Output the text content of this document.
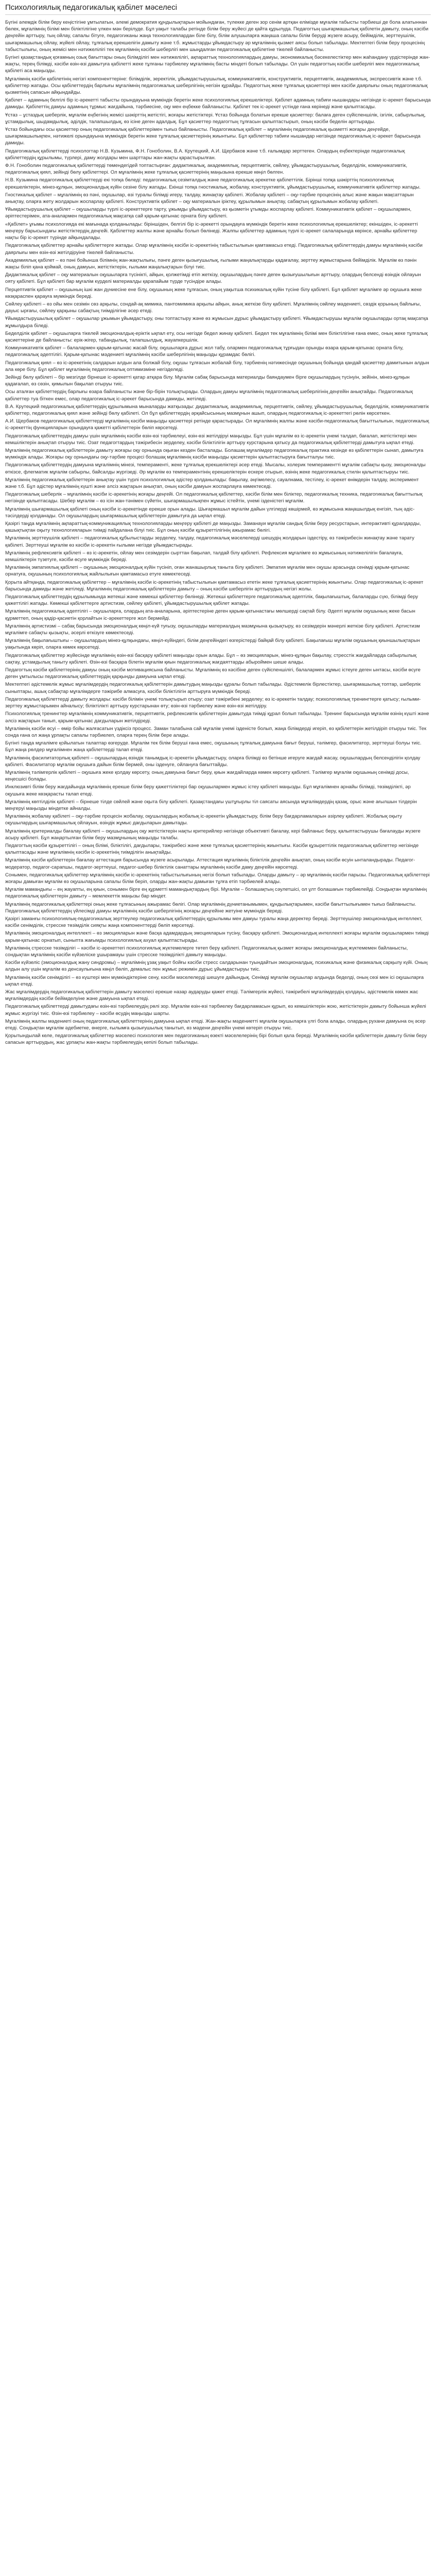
Психологиялық педагогикалық қабілет мәселесі

Бүгіні әлемдік білім беру кеңістігіне ұмтылатын, әлемі демократия құндылықтарын мойындаған, түлекке деген зор сенім артқан елімізде мұғалім табысты тәрбиеші де бола алатыннан бөлек, мұғалімнің білімі мен біліктілігіне үлкен мән берілуде. Бұл уақыт талабы ретінде білім беру жүйесі де қайта құрылуда. Педагогтың шығармашылық қабілетін дамыту, оның кәсіби деңгейін арттыру, тың ойлау, сапалы бітуге, педагогиканы жаңа технологиялардан біле білу, білім алушыларға жаңаша сапалы білім беруді жүзеге асыру, бейімділік, зерттеушілік, шығармашылық ойлау, жүйелі ойлау, тұлғалық ерекшелігін дамыту және т.б. жұмыстарды ұйымдастыру әр мұғалімнің қызмет аясы болып табылады. Мектептегі білім беру процесінің табыстылығы, оның жемісі мен нәтижелілігі тек мұғалімнің кәсіби шеберлігі мен шыңдалған педагогикалық қабілетіне тікелей байланысты.

Бүгінгі қазақстандық қоғамның озық бағыттары оның білімділігі мен нәтижелілігі, ақпараттық технологиялардың дамуы, экономикалық бәсекелестіктер мен жаһандану үрдістерінде жан-жақты, терең білімді, кәсіби өзін-өзі дамытуға қабілетті жеке тұлғаны тәрбиелеу мұғалімнің басты міндеті болып табылады. Ол үшін педагогтың кәсіби шеберлігі мен педагогикалық қабілеті аса маңызды.

Мұғалімнің кәсіби қабілетінің негізгі компоненттеріне: білімділік, зеректілік, ұйымдастырушылық, коммуникативтік, конструктивтік, перцептивтік, академиялық, экспрессивтік және т.б. қабілеттер жатады. Осы қабілеттердің барлығы мұғалімнің педагогикалық шеберлігінің негізін құрайды. Педагогтың жеке тұлғалық қасиеттері мен кәсіби даярлығы оның педагогикалық қызметінің сапасын айқындайды.

Қабілет – адамның белгілі бір іс-әрекетті табысты орындауына мүмкіндік беретін жеке психологиялық ерекшеліктері. Қабілет адамның табиғи нышандары негізінде іс-әрекет барысында дамиды. Қабілеттің дамуы адамның тұрмыс жағдайына, тәрбиесіне, оқу мен еңбекке байланысты. Қабілет тек іс-әрекет үстінде ғана көрінеді және қалыптасады.

Ұстаз – ұстаздық шеберлік, мұғалім еңбегінің жемісі шәкірттің жетістігі, жоғары жетістіктері. Ұстаз бойында болатын ерекше қасиеттер: балаға деген сүйіспеншілік, ізгілік, сабырлылық, ұстамдылық, шыдамдылық, әділдік, талапшылдық, өз ісіне деген адалдық. Бұл қасиеттер педагогтың тұлғасын қалыптастырып, оның кәсіби беделін арттырады.

Ұстаз бойындағы осы қасиеттер оның педагогикалық қабілеттерімен тығыз байланысты. Педагогикалық қабілет – мұғалімнің педагогикалық қызметті жоғары деңгейде, шығармашылықпен, нәтижелі орындауына мүмкіндік беретін жеке тұлғалық қасиеттерінің жиынтығы. Бұл қабілеттер табиғи нышандар негізінде педагогикалық іс-әрекет барысында дамиды.

Педагогикалық қабілеттерді психологтар Н.В. Кузьмина, Ф.Н. Гоноболин, В.А. Крутецкий, А.И. Щербаков және т.б. ғалымдар зерттеген. Олардың еңбектерінде педагогикалық қабілеттердің құрылымы, түрлері, даму жолдары мен шарттары жан-жақты қарастырылған.

Ф.Н. Гоноболин педагогикалық қабілеттерді төмендегідей топтастырған: дидактикалық, академиялық, перцептивтік, сөйлеу, ұйымдастырушылық, беделділік, коммуникативтік, педагогикалық қиял, зейінді бөлу қабілеттері. Ол мұғалімнің жеке тұлғалық қасиеттерінің маңызына ерекше көңіл бөлген.

Н.В. Кузьмина педагогикалық қабілеттерді екі топқа бөледі: педагогикалық сезімталдық және педагогикалық әрекетке қабілеттілік. Бірінші топқа шәкірттің психологиялық ерекшеліктерін, мінез-құлқын, эмоционалдық күйін сезіне білу жатады. Екінші топқа гностикалық, жобалау, конструктивтік, ұйымдастырушылық, коммуникативтік қабілеттер жатады.

Гностикалық қабілет – мұғалімнің өз пәні, оқушылар, өзі туралы білімді игеру, талдау, жинақтау қабілеті. Жобалау қабілеті – оқу-тәрбие процесінің алыс және жақын мақсаттарын анықтау, оларға жету жолдарын жоспарлау қабілеті. Конструктивтік қабілет – оқу материалын іріктеу, құрылымын анықтау, сабақтың құрылымын жобалау қабілеті.

Ұйымдастырушылық қабілет – оқушыларды түрлі іс-әрекеттерге тарту, ұжымды ұйымдастыру, өз қызметін ұтымды жоспарлау қабілеті. Коммуникативтік қабілет – оқушылармен, әріптестерімен, ата-аналармен педагогикалық мақсатқа сай қарым-қатынас орната білу қабілеті.

«Қабілет» ұғымы психологияда екі мағынада қолданылады: біріншіден, белгілі бір іс-әрекетті орындауға мүмкіндік беретін жеке психологиялық ерекшеліктер; екіншіден, іс-әрекетті меңгеру барысындағы жетістіктердің деңгейі. Қабілеттер жалпы және арнайы болып бөлінеді. Жалпы қабілеттер адамның түрлі іс-әрекет салаларында көрінсе, арнайы қабілеттер нақты бір іс-әрекет түрінде айқындалады.

Педагогикалық қабілеттер арнайы қабілеттерге жатады. Олар мұғалімнің кәсіби іс-әрекетінің табыстылығын қамтамасыз етеді. Педагогикалық қабілеттердің дамуы мұғалімнің кәсіби даярлығы мен өзін-өзі жетілдіруіне тікелей байланысты.

Академиялық қабілет – өз пәні бойынша білімнің жан-жақтылығы, пәнге деген қызығушылық, ғылыми жаңалықтарды қадағалау, зерттеу жұмыстарына бейімділік. Мұғалім өз пәнін жақсы біліп қана қоймай, оның дамуын, жетістіктерін, ғылыми жаңалықтарын білуі тиіс.

Дидактикалық қабілет – оқу материалын оқушыларға түсінікті, айқын, қолжетімді етіп жеткізу, оқушылардың пәнге деген қызығушылығын арттыру, олардың белсенді өзіндік ойлауын ояту қабілеті. Бұл қабілеті бар мұғалім күрделі материалды қарапайым түрде түсіндіре алады.

Перцептивтік қабілет – оқушының ішкі жан дүниесіне ене білу, оқушының жеке тұлғасын, оның уақытша психикалық күйін түсіне білу қабілеті. Бұл қабілет мұғалімге әр оқушыға жеке көзқараспен қарауға мүмкіндік береді.

Сөйлеу қабілеті – өз ойы мен сезімін сөз арқылы, сондай-ақ мимика, пантомимика арқылы айқын, анық жеткізе білу қабілеті. Мұғалімнің сөйлеу мәдениеті, сөздік қорының байлығы, дауыс ырғағы, сөйлеу қарқыны сабақтың тиімділігіне әсер етеді.

Ұйымдастырушылық қабілет – оқушылар ұжымын ұйымдастыру, оны топтастыру және өз жұмысын дұрыс ұйымдастыру қабілеті. Ұйымдастырушы мұғалім оқушыларды ортақ мақсатқа жұмылдыра біледі.

Беделділік қабілет – оқушыларға тікелей эмоционалдық-еріктік ықпал ету, осы негізде бедел жинау қабілеті. Бедел тек мұғалімнің білімі мен біліктілігіне ғана емес, оның жеке тұлғалық қасиеттеріне де байланысты: ерік-жігер, табандылық, талапшылдық, жауапкершілік.

Коммуникативтік қабілет – балалармен қарым-қатынас жасай білу, оқушыларға дұрыс жол табу, олармен педагогикалық тұрғыдан орынды өзара қарым-қатынас орната білу, педагогикалық әдептілігі. Қарым-қатынас мәдениеті мұғалімнің кәсіби шеберлігінің маңызды құрамдас бөлігі.

Педагогикалық қиял – өз іс-әрекетінің салдарын алдын ала болжай білу, оқушы тұлғасын жобалай білу, тәрбиенің нәтижесінде оқушының бойында қандай қасиеттер дамитынын алдын ала көре білу. Бұл қабілет мұғалімнің педагогикалық оптимизміне негізделеді.

Зейінді бөлу қабілеті – бір мезгілде бірнеше іс-әрекетті қатар атқара білу. Мұғалім сабақ барысында материалды баяндаумен бірге оқушылардың түсінуін, зейінін, мінез-құлқын қадағалап, өз сөзін, қимылын бақылап отыруы тиіс.

Осы аталған қабілеттердің барлығы өзара байланысты және бір-бірін толықтырады. Олардың дамуы мұғалімнің педагогикалық шеберлігінің деңгейін анықтайды. Педагогикалық қабілеттер туа біткен емес, олар педагогикалық іс-әрекет барысында дамиды, жетіледі.

В.А. Крутецкий педагогикалық қабілеттердің құрылымына мыналарды жатқызады: дидактикалық, академиялық, перцептивтік, сөйлеу, ұйымдастырушылық, беделділік, коммуникативтік қабілеттер, педагогикалық қиял және зейінді бөлу қабілеті. Ол бұл қабілеттердің әрқайсысының мазмұнын ашып, олардың педагогикалық іс-әрекеттегі рөлін көрсеткен.

А.И. Щербаков педагогикалық қабілеттерді мұғалімнің кәсіби маңызды қасиеттері ретінде қарастырады. Ол мұғалімнің жалпы және кәсіби-педагогикалық бағыттылығын, педагогикалық іс-әрекеттің функцияларын орындауға қажетті қабілеттерін бөліп көрсетеді.

Педагогикалық қабілеттердің дамуы үшін мұғалімнің кәсіби өзін-өзі тәрбиелеуі, өзін-өзі жетілдіруі маңызды. Бұл үшін мұғалім өз іс-әрекетін үнемі талдап, бағалап, жетістіктері мен кемшіліктерін анықтап отыруы тиіс. Озат педагогтардың тәжірибесін зерделеу, кәсіби біліктілігін арттыру курстарына қатысу да педагогикалық қабілеттерді дамытуға ықпал етеді.

Мұғалімнің педагогикалық қабілеттерін дамыту жоғары оқу орнында оқыған кезден басталады. Болашақ мұғалімдер педагогикалық практика кезінде өз қабілеттерін сынап, дамытуға мүмкіндік алады. Жоғары оқу орнындағы оқу-тәрбие процесі болашақ мұғалімнің кәсіби маңызды қасиеттерін қалыптастыруға бағытталуы тиіс.

Педагогикалық қабілеттердің дамуына мұғалімнің мінезі, темпераменті, жеке тұлғалық ерекшеліктері әсер етеді. Мысалы, холерик темпераментті мұғалім сабақты қызу, эмоционалды өткізсе, флегматик мұғалім сабырлы, байсалды жүргізеді. Әр мұғалім өз темпераментінің ерекшеліктерін ескере отырып, өзінің жеке педагогикалық стилін қалыптастыруы тиіс.

Мұғалімнің педагогикалық қабілеттерін анықтау үшін түрлі психологиялық әдістер қолданылады: бақылау, әңгімелесу, сауалнама, тестілеу, іс-әрекет өнімдерін талдау, эксперимент және т.б. Бұл әдістер мұғалімнің күшті және әлсіз жақтарын анықтап, оның кәсіби дамуын жоспарлауға көмектеседі.

Педагогикалық шеберлік – мұғалімнің кәсіби іс-әрекетінің жоғары деңгейі. Ол педагогикалық қабілеттер, кәсіби білім мен біліктер, педагогикалық техника, педагогикалық бағыттылық негізінде қалыптасады. Шебер мұғалім – өз ісін жан-тәнімен сүйетін, шығармашылықпен жұмыс істейтін, үнемі ізденістегі мұғалім.

Мұғалімнің шығармашылық қабілеті оның кәсіби іс-әрекетінде ерекше орын алады. Шығармашыл мұғалім дайын үлгілерді көшірмей, өз жұмысына жаңашылдық енгізіп, тың әдіс-тәсілдерді қолданады. Ол оқушылардың шығармашылық қабілеттерін дамытуға да ықпал етеді.

Қазіргі таңда мұғалімнің ақпараттық-коммуникациялық технологияларды меңгеру қабілеті де маңызды. Заманауи мұғалім сандық білім беру ресурстарын, интерактивті құралдарды, қашықтықтан оқыту технологияларын тиімді пайдалана білуі тиіс. Бұл оның кәсіби құзыреттілігінің ажырамас бөлігі.

Мұғалімнің зерттеушілік қабілеті – педагогикалық құбылыстарды зерделеу, талдау, педагогикалық мәселелерді шешудің жолдарын іздестіру, өз тәжірибесін жинақтау және тарату қабілеті. Зерттеуші мұғалім өз кәсіби іс-әрекетін ғылыми негізде ұйымдастырады.

Мұғалімнің рефлексивтік қабілеті – өз іс-әрекетін, ойлау мен сезімдерін сырттан бақылап, талдай білу қабілеті. Рефлексия мұғалімге өз жұмысының нәтижелілігін бағалауға, кемшіліктерін түзетуге, кәсіби өсуге мүмкіндік береді.

Мұғалімнің эмпатиялық қабілеті – оқушының эмоционалдық күйін түсініп, оған жанашырлық таныта білу қабілеті. Эмпатия мұғалім мен оқушы арасында сенімді қарым-қатынас орнатуға, оқушының психологиялық жайлылығын қамтамасыз етуге көмектеседі.

Қорыта айтқанда, педагогикалық қабілеттер – мұғалімнің кәсіби іс-әрекетінің табыстылығын қамтамасыз ететін жеке тұлғалық қасиеттерінің жиынтығы. Олар педагогикалық іс-әрекет барысында дамиды және жетіледі. Мұғалімнің педагогикалық қабілеттерін дамыту – оның кәсіби шеберлігін арттырудың негізгі жолы.

Педагогикалық қабілеттердің құрылымында жетекші және көмекші қабілеттер бөлінеді. Жетекші қабілеттерге педагогикалық әдептілік, бақылағыштық, балаларды сүю, білімді беру қажеттілігі жатады. Көмекші қабілеттерге артистизм, сөйлеу қабілеті, ұйымдастырушылық қабілет жатады.

Мұғалімнің педагогикалық әдептілігі – оқушыларға, олардың ата-аналарына, әріптестеріне деген қарым-қатынастағы мөлшерді сақтай білу. Әдепті мұғалім оқушының жеке басын құрметтеп, оның қадір-қасиетін қорлайтын іс-әрекеттерге жол бермейді.

Мұғалімнің артистизмі – сабақ барысында эмоционалдық көңіл-күй туғызу, оқушыларды материалдың мазмұнына қызықтыру, өз сезімдерін мәнерлі жеткізе білу қабілеті. Артистизм мұғалімге сабақты қызықты, әсерлі өткізуге көмектеседі.

Мұғалімнің бақылағыштығы – оқушылардың мінез-құлқындағы, көңіл-күйіндегі, білім деңгейіндегі өзгерістерді байқай білу қабілеті. Бақылағыш мұғалім оқушының қиыншылықтарын уақытында көріп, оларға көмек көрсетеді.

Педагогикалық қабілеттер жүйесінде мұғалімнің өзін-өзі басқару қабілеті маңызды орын алады. Бұл – өз эмоцияларын, мінез-құлқын бақылау, стресстік жағдайларда сабырлылық сақтау, ұстамдылық таныту қабілеті. Өзін-өзі басқара білетін мұғалім қиын педагогикалық жағдаяттарды абыроймен шеше алады.

Педагогтың кәсіби қабілеттерінің дамуы оның кәсіби мотивациясына байланысты. Мұғалімнің өз кәсібіне деген сүйіспеншілігі, балалармен жұмыс істеуге деген ынтасы, кәсіби өсуге деген ұмтылысы педагогикалық қабілеттердің қарқынды дамуына ықпал етеді.

Мектептегі әдістемелік жұмыс мұғалімдердің педагогикалық қабілеттерін дамытудың маңызды құралы болып табылады. Әдістемелік бірлестіктер, шығармашылық топтар, шеберлік сыныптары, ашық сабақтар мұғалімдерге тәжірибе алмасуға, кәсіби біліктілігін арттыруға мүмкіндік береді.

Педагогикалық қабілеттерді дамыту жолдары: кәсіби білімін үнемі толықтырып отыру; озат тәжірибені зерделеу; өз іс-әрекетін талдау; психологиялық тренингтерге қатысу; ғылыми-зерттеу жұмыстарымен айналысу; біліктілікті арттыру курстарынан өту; өзін-өзі тәрбиелеу және өзін-өзі жетілдіру.

Психологиялық тренингтер мұғалімнің коммуникативтік, перцептивтік, рефлексивтік қабілеттерін дамытуда тиімді құрал болып табылады. Тренинг барысында мұғалім өзінің күшті және әлсіз жақтарын танып, қарым-қатынас дағдыларын жетілдіреді.

Мұғалімнің кәсіби өсуі – өмір бойы жалғасатын үздіксіз процесс. Заман талабына сай мұғалім үнемі ізденісте болып, жаңа білімдерді игеріп, өз қабілеттерін жетілдіріп отыруы тиіс. Тек сонда ғана ол жаңа ұрпақты сапалы тәрбиелеп, оларға терең білім бере алады.

Бүгінгі таңда мұғалімге қойылатын талаптар өзгеруде. Мұғалім тек білім беруші ғана емес, оқушының тұлғалық дамуына бағыт беруші, тәлімгер, фасилитатор, зерттеуші болуы тиіс. Бұл жаңа рөлдер мұғалімнен жаңа қабілеттерді талап етеді.

Мұғалімнің фасилитаторлық қабілеті – оқушылардың өзіндік танымдық іс-әрекетін ұйымдастыру, оларға білімді өз бетінше игеруге жағдай жасау, оқушылардың белсенділігін қолдау қабілеті. Фасилитатор мұғалім оқушыға дайын білім бермей, оны ізденуге, ойлануға бағыттайды.

Мұғалімнің тәлімгерлік қабілеті – оқушыға жеке қолдау көрсету, оның дамуына бағыт беру, қиын жағдайларда көмек көрсету қабілеті. Тәлімгер мұғалім оқушының сенімді досы, кеңесшісі болады.

Инклюзивті білім беру жағдайында мұғалімнің ерекше білім беру қажеттіліктері бар оқушылармен жұмыс істеу қабілеті маңызды. Бұл мұғалімнен арнайы білімді, төзімділікті, әр оқушыға жеке көзқарасты талап етеді.

Мұғалімнің көптілділік қабілеті – бірнеше тілде сөйлей және оқыта білу қабілеті. Қазақстандағы үштұғырлы тіл саясаты аясында мұғалімдердің қазақ, орыс және ағылшын тілдерін меңгеруі маңызды міндетке айналды.

Мұғалімнің жобалау қабілеті – оқу-тәрбие процесін жобалау, оқушылардың жобалық іс-әрекетін ұйымдастыру, білім беру бағдарламаларын әзірлеу қабілеті. Жобалық оқыту оқушылардың шығармашылық ойлауын, өзіндік жұмыс дағдыларын дамытады.

Мұғалімнің критериалды бағалау қабілеті – оқушылардың оқу жетістіктерін нақты критерийлер негізінде объективті бағалау, кері байланыс беру, қалыптастырушы бағалауды жүзеге асыру қабілеті. Бұл жаңартылған білім беру мазмұнының маңызды талабы.

Педагогтың кәсіби құзыреттілігі – оның білімі, біліктілігі, дағдылары, тәжірибесі және жеке тұлғалық қасиеттерінің жиынтығы. Кәсіби құзыреттілік педагогикалық қабілеттер негізінде қалыптасады және мұғалімнің кәсіби іс-әрекетінің тиімділігін анықтайды.

Мұғалімнің кәсіби қабілеттерін бағалау аттестация барысында жүзеге асырылады. Аттестация мұғалімнің біліктілік деңгейін анықтап, оның кәсіби өсуін ынталандырады. Педагог-модератор, педагог-сарапшы, педагог-зерттеуші, педагог-шебер біліктілік санаттары мұғалімнің кәсіби даму деңгейін көрсетеді.

Сонымен, педагогикалық қабілеттер мұғалімнің кәсіби іс-әрекетінің табыстылығының негізі болып табылады. Оларды дамыту – әр мұғалімнің кәсіби парызы. Педагогикалық қабілеттері жоғары дамыған мұғалім өз оқушыларына сапалы білім беріп, оларды жан-жақты дамыған тұлға етіп тәрбиелей алады.

Мұғалім мамандығы – ең жауапты, ең қиын, сонымен бірге ең құрметті мамандықтардың бірі. Мұғалім – болашақтың сәулетшісі, ол ұлт болашағын тәрбиелейді. Сондықтан мұғалімнің педагогикалық қабілеттерін дамыту – мемлекеттік маңызы бар міндет.

Мұғалімнің педагогикалық қабілеттері оның жеке тұлғасының ажырамас бөлігі. Олар мұғалімнің дүниетанымымен, құндылықтарымен, кәсіби бағыттылығымен тығыз байланысты. Педагогикалық қабілеттердің үйлесімді дамуы мұғалімнің кәсіби шеберлігінің жоғары деңгейіне жетуіне мүмкіндік береді.

Қазіргі заманғы психологиялық-педагогикалық зерттеулер педагогикалық қабілеттердің құрылымы мен дамуы туралы жаңа деректер береді. Зерттеушілер эмоционалдық интеллект, кәсіби сенімділік, стресске төзімділік сияқты жаңа компоненттерді бөліп көрсетеді.

Мұғалімнің эмоционалдық интеллекті – өз эмоцияларын және басқа адамдардың эмоцияларын түсіну, басқару қабілеті. Эмоционалдық интеллекті жоғары мұғалім оқушылармен тиімді қарым-қатынас орнатып, сыныпта жағымды психологиялық ахуал қалыптастырады.

Мұғалімнің стресске төзімділігі – кәсіби іс-әрекеттегі психологиялық жүктемелерге төтеп беру қабілеті. Педагогикалық қызмет жоғары эмоционалдық жүктемемен байланысты, сондықтан мұғалімнің кәсіби күйзеліске ұшырамауы үшін стресске төзімділікті дамыту маңызды.

Кәсіби күйзеліс (эмоционалдық жану синдромы) – мұғалімнің ұзақ уақыт бойғы кәсіби стресс салдарынан туындайтын эмоционалдық, психикалық және физикалық сарқылу күйі. Оның алдын алу үшін мұғалім өз денсаулығына көңіл бөліп, демалыс пен жұмыс режимін дұрыс ұйымдастыруы тиіс.

Мұғалімнің кәсіби сенімділігі – өз күштері мен мүмкіндіктеріне сену, кәсіби мәселелерді шешуге дайындық. Сенімді мұғалім оқушылар алдында беделді, оның сөзі мен ісі оқушыларға ықпал етеді.

Жас мұғалімдердің педагогикалық қабілеттерін дамыту мәселесі ерекше назар аударуды қажет етеді. Тәлімгерлік жүйесі, тәжірибелі мұғалімдердің қолдауы, әдістемелік көмек жас мұғалімдердің кәсіби бейімделуіне және дамуына ықпал етеді.

Педагогикалық қабілеттерді дамытудағы өзін-өзі тәрбиелеудің рөлі зор. Мұғалім өзін-өзі тәрбиелеу бағдарламасын құрып, өз кемшіліктерін жою, жетістіктерін дамыту бойынша жүйелі жұмыс жүргізуі тиіс. Өзін-өзі тәрбиелеу – кәсіби өсудің маңызды шарты.

Мұғалімнің жалпы мәдениеті оның педагогикалық қабілеттерінің дамуына ықпал етеді. Жан-жақты мәдениетті мұғалім оқушыларға үлгі бола алады, олардың рухани дамуына оң әсер етеді. Сондықтан мұғалім әдебиетке, өнерге, ғылымға қызығушылық танытып, өз мәдени деңгейін үнемі көтеріп отыруы тиіс.

Қорытындылай келе, педагогикалық қабілеттер мәселесі психология мен педагогиканың өзекті мәселелерінің бірі болып қала береді. Мұғалімнің кәсіби қабілеттерін дамыту білім беру сапасын арттырудың, жас ұрпақты жан-жақты тәрбиелеудің кепілі болып табылады.
